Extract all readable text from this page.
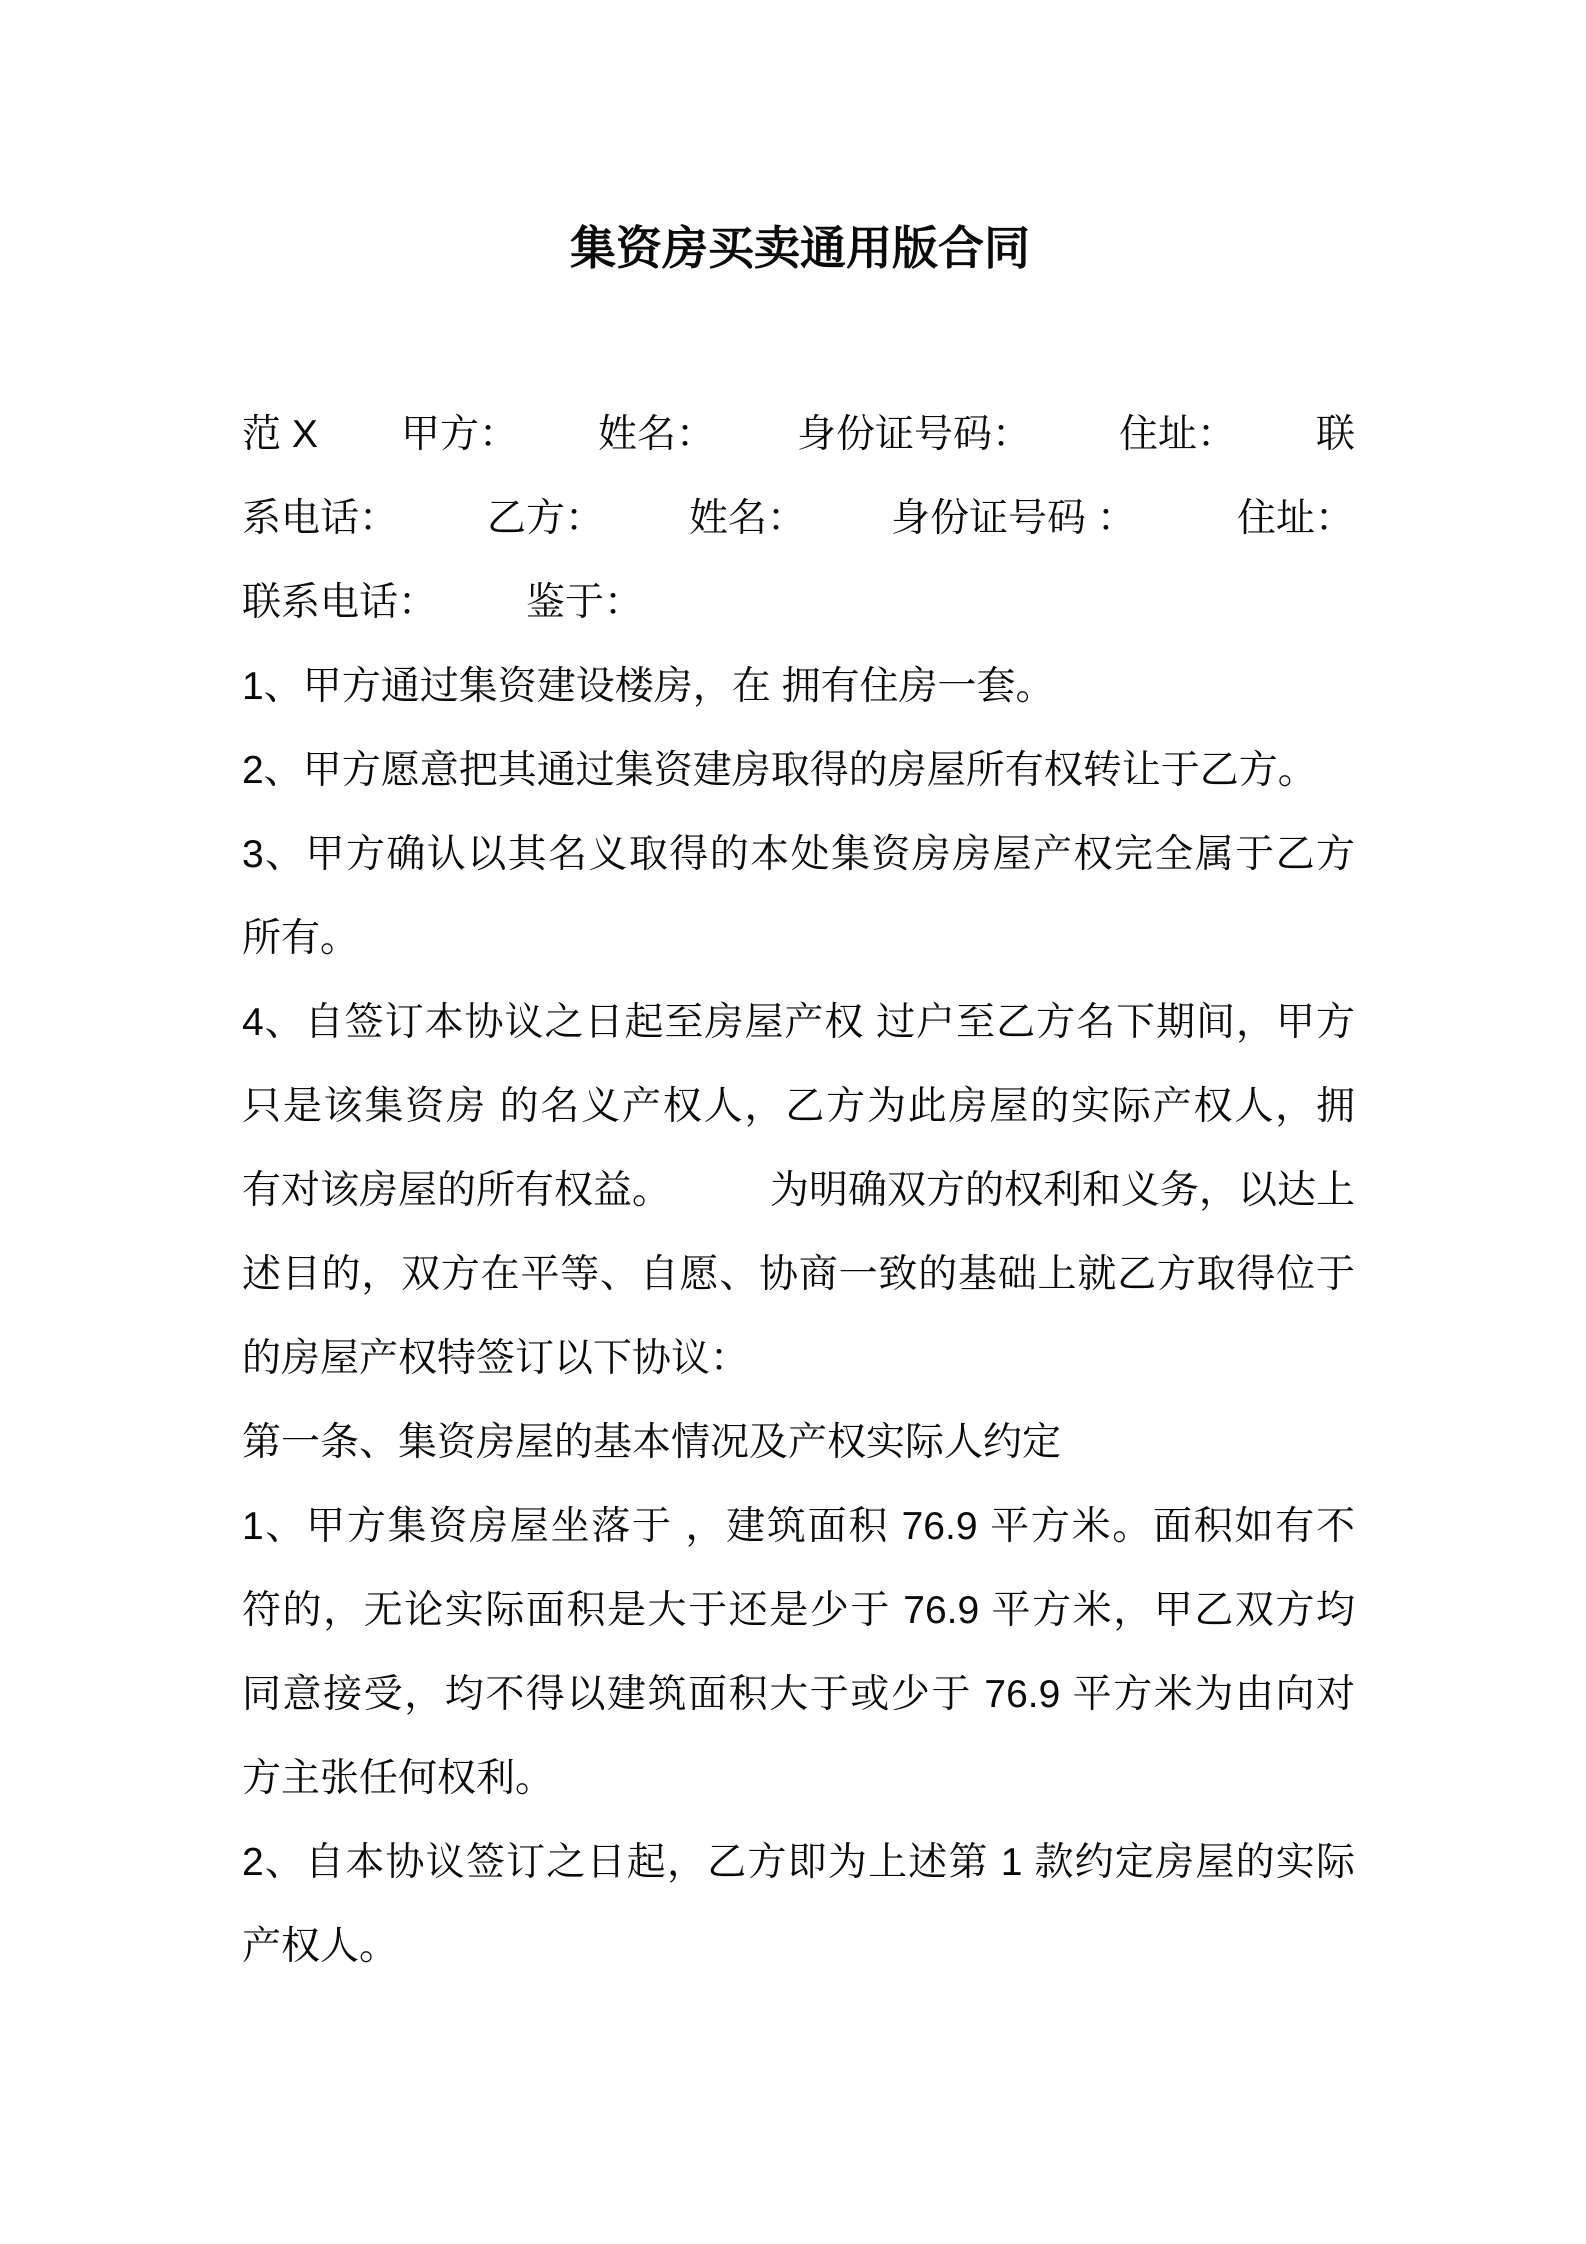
集资房买卖通用版合同
范 X 甲方： 姓名： 身份证号码： 住址： 联
系电话： 乙方： 姓名： 身份证号码 ：	住址：
联系电话： 鉴于：
1、甲方通过集资建设楼房，在 拥有住房一套。
2、甲方愿意把其通过集资建房取得的房屋所有权转让于乙方。
3、甲方确认以其名义取得的本处集资房房屋产权完全属于乙方
所有。
4、自签订本协议之日起至房屋产权 过户至乙方名下期间，甲方
只是该集资房 的名义产权人，乙方为此房屋的实际产权人，拥
有对该房屋的所有权益。	为明确双方的权利和义务，以达上
述目的，双方在平等、自愿、协商一致的基础上就乙方取得位于
的房屋产权特签订以下协议：
第一条、集资房屋的基本情况及产权实际人约定
1、甲方集资房屋坐落于 ，建筑面积 76.9 平方米。面积如有不
符的，无论实际面积是大于还是少于 76.9 平方米，甲乙双方均
同意接受，均不得以建筑面积大于或少于 76.9 平方米为由向对
方主张任何权利。
2、自本协议签订之日起，乙方即为上述第 1 款约定房屋的实际
产权人。
